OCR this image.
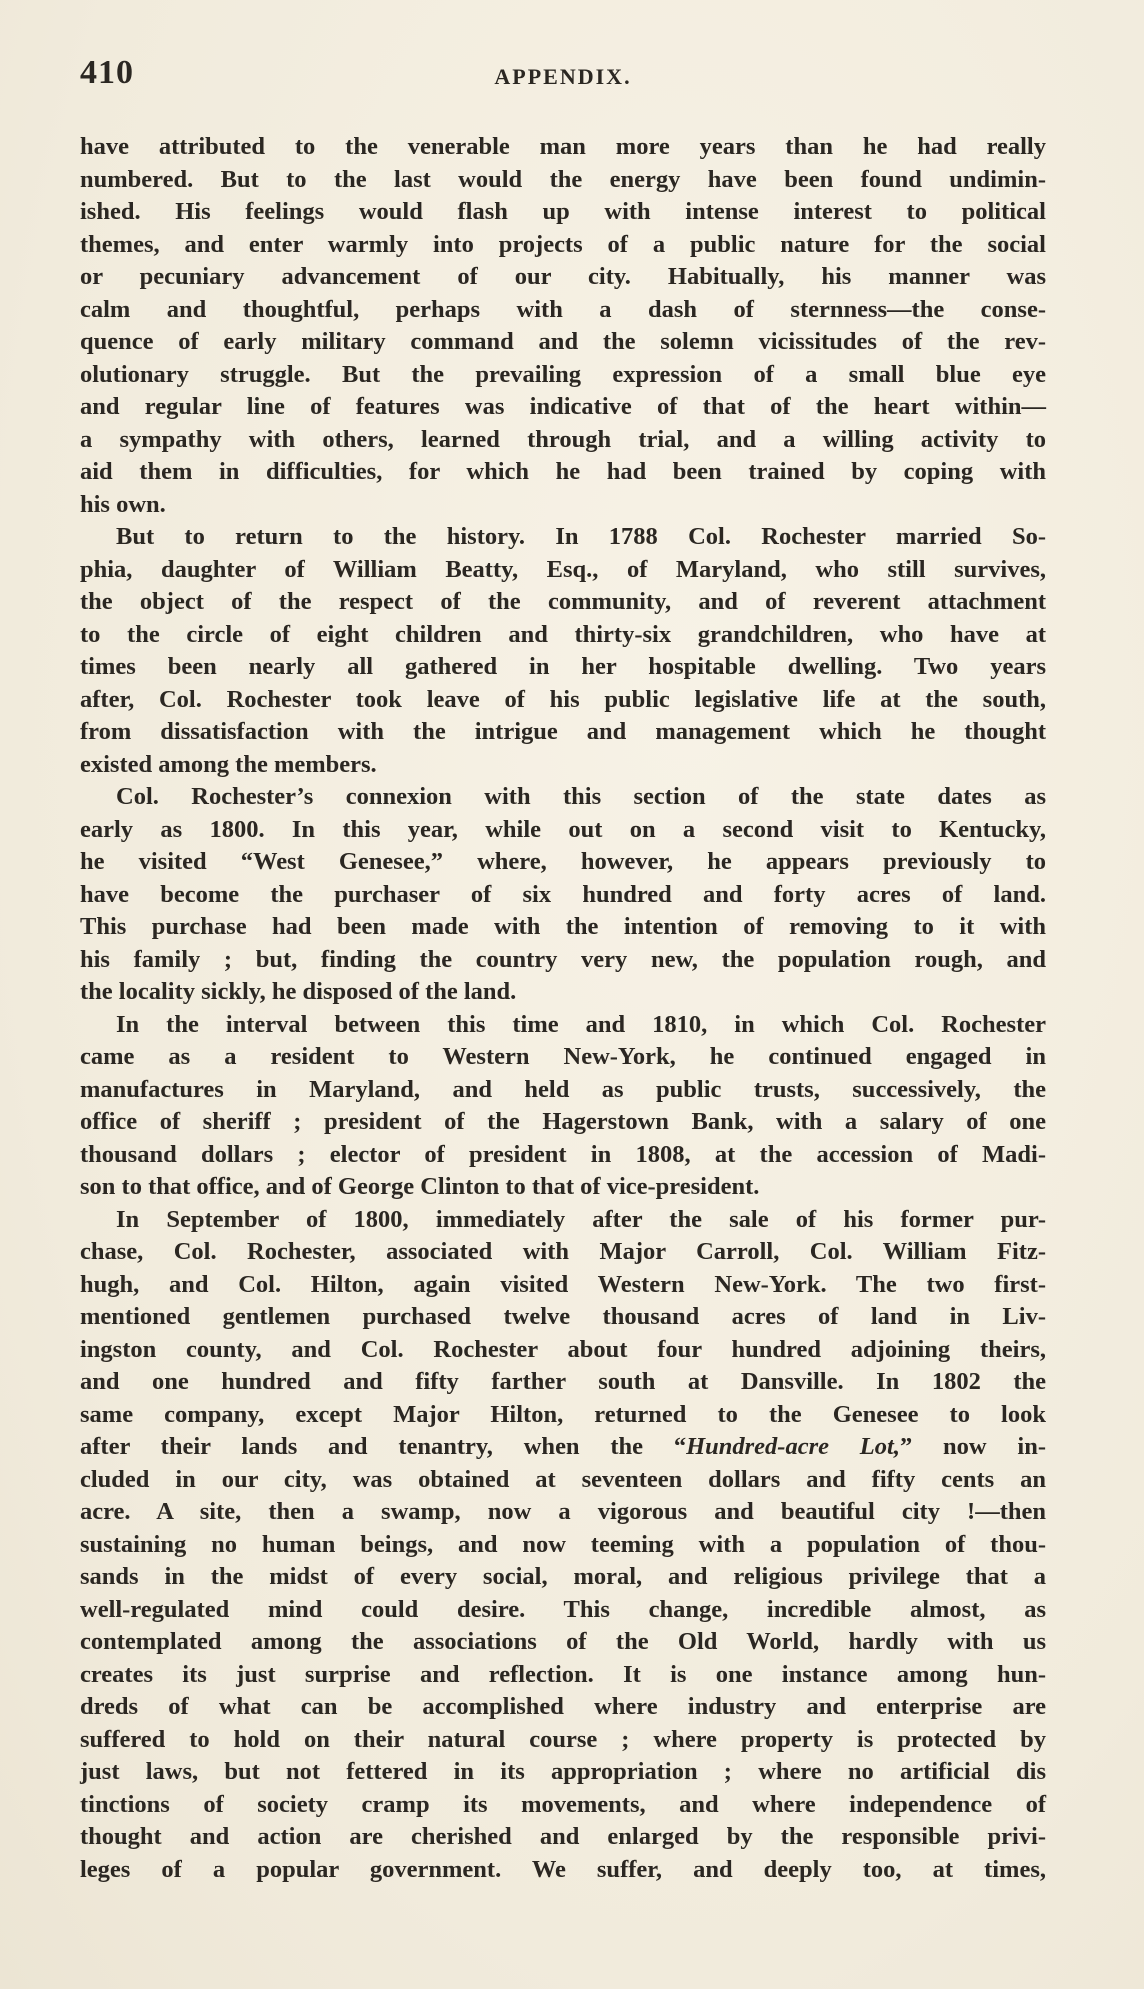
410	APPENDIX.
have attributed to the venerable man more years than he had really
numbered. But to the last would the energy have been found undimin-
ished. His feelings would flash up with intense interest to political
themes, and enter warmly into projects of a public nature for the social
or pecuniary advancement of our city. Habitually, his manner was
calm and thoughtful, perhaps with a dash of sternness—the conse-
quence of early military command and the solemn vicissitudes of the rev-
olutionary struggle. But the prevailing expression of a small blue eye
and regular line of features was indicative of that of the heart within—
a sympathy with others, learned through trial, and a willing activity to
aid them in difficulties, for which he had been trained by coping with
his own.
But to return to the history. In 1788 Col. Rochester married So-
phia, daughter of William Beatty, Esq., of Maryland, who still survives,
the object of the respect of the community, and of reverent attachment
to the circle of eight children and thirty-six grandchildren, who have at
times been nearly all gathered in her hospitable dwelling. Two years
after, Col. Rochester took leave of his public legislative life at the south,
from dissatisfaction with the intrigue and management which he thought
existed among the members.
Col. Rochester’s connexion with this section of the state dates as
early as 1800. In this year, while out on a second visit to Kentucky,
he visited “West Genesee,” where, however, he appears previously to
have become the purchaser of six hundred and forty acres of land.
This purchase had been made with the intention of removing to it with
his family ; but, finding the country very new, the population rough, and
the locality sickly, he disposed of the land.
In the interval between this time and 1810, in which Col. Rochester
came as a resident to Western New-York, he continued engaged in
manufactures in Maryland, and held as public trusts, successively, the
office of sheriff ; president of the Hagerstown Bank, with a salary of one
thousand dollars ; elector of president in 1808, at the accession of Madi-
son to that office, and of George Clinton to that of vice-president.
In September of 1800, immediately after the sale of his former pur-
chase, Col. Rochester, associated with Major Carroll, Col. William Fitz-
hugh, and Col. Hilton, again visited Western New-York. The two first-
mentioned gentlemen purchased twelve thousand acres of land in Liv-
ingston county, and Col. Rochester about four hundred adjoining theirs,
and one hundred and fifty farther south at Dansville. In 1802 the
same company, except Major Hilton, returned to the Genesee to look
after their lands and tenantry, when the “Hundred-acre Lot,” now in-
cluded in our city, was obtained at seventeen dollars and fifty cents an
acre. A site, then a swamp, now a vigorous and beautiful city !—then
sustaining no human beings, and now teeming with a population of thou-
sands in the midst of every social, moral, and religious privilege that a
well-regulated mind could desire. This change, incredible almost, as
contemplated among the associations of the Old World, hardly with us
creates its just surprise and reflection. It is one instance among hun-
dreds of what can be accomplished where industry and enterprise are
suffered to hold on their natural course ; where property is protected by
just laws, but not fettered in its appropriation ; where no artificial dis
tinctions of society cramp its movements, and where independence of
thought and action are cherished and enlarged by the responsible privi-
leges of a popular government. We suffer, and deeply too, at times,
